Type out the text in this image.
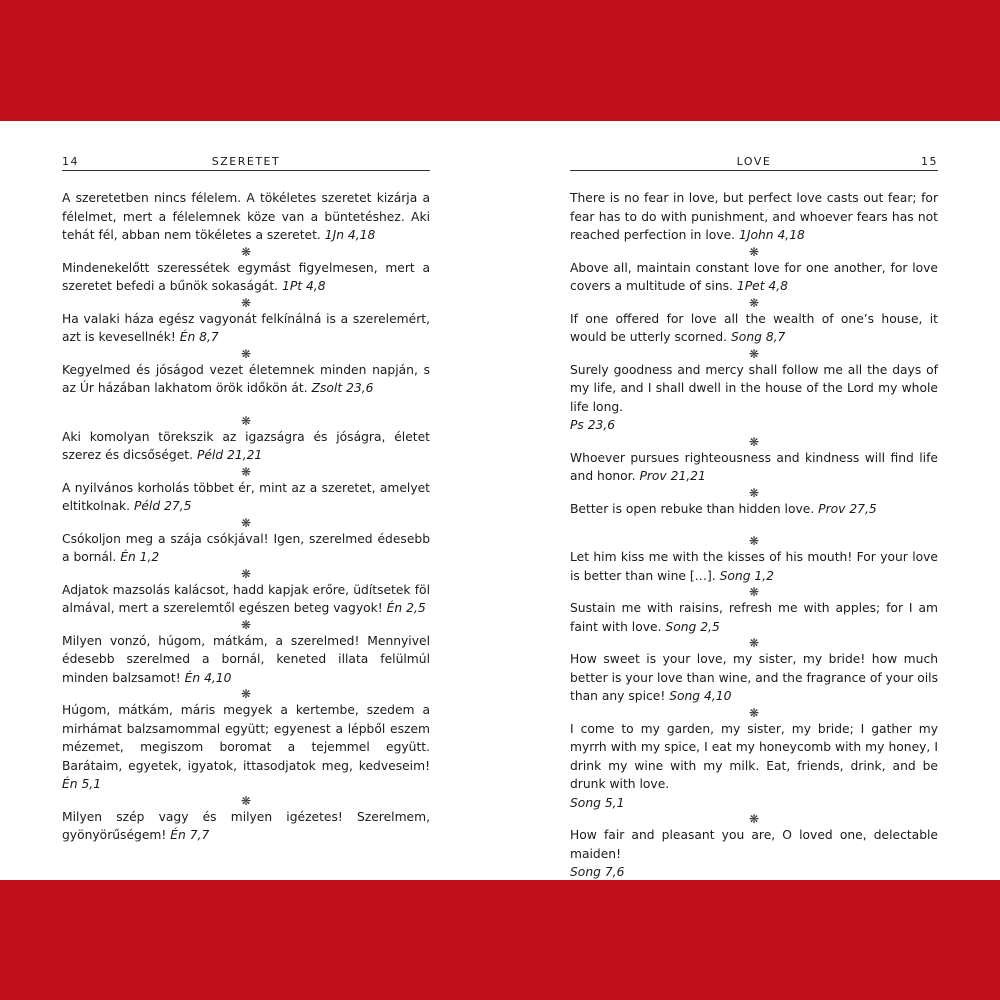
14	SZERETET

A szeretetben nincs félelem. A tökéletes szeretet kizárja a félelmet, mert a félelemnek köze van a büntetéshez. Aki tehát fél, abban nem tökéletes a szeretet. 1Jn 4,18

❋

Mindenekelőtt szeressétek egymást figyelmesen, mert a szeretet befedi a bűnök sokaságát. 1Pt 4,8

❋

Ha valaki háza egész vagyonát felkínálná is a szerelemért, azt is kevesellnék! Én 8,7

❋

Kegyelmed és jóságod vezet életemnek minden napján, s az Úr házában lakhatom örök időkön át. Zsolt 23,6

❋

Aki komolyan törekszik az igazságra és jóságra, életet szerez és dicsőséget. Péld 21,21

❋

A nyilvános korholás többet ér, mint az a szeretet, amelyet eltitkolnak. Péld 27,5

❋

Csókoljon meg a szája csókjával! Igen, szerelmed édesebb a bornál. Én 1,2

❋

Adjatok mazsolás kalácsot, hadd kapjak erőre, üdítsetek föl almával, mert a szerelemtől egészen beteg vagyok! Én 2,5

❋

Milyen vonzó, húgom, mátkám, a szerelmed! Mennyivel édesebb szerelmed a bornál, keneted illata felülmúl minden balzsamot! Én 4,10

❋

Húgom, mátkám, máris megyek a kertembe, szedem a mirhámat balzsamommal együtt; egyenest a lépből eszem mézemet, megiszom boromat a tejemmel együtt. Barátaim, egyetek, igyatok, ittasodjatok meg, kedveseim! Én 5,1

❋

Milyen szép vagy és milyen igézetes! Szerelmem, gyönyörűségem! Én 7,7

LOVE	15

There is no fear in love, but perfect love casts out fear; for fear has to do with punishment, and whoever fears has not reached perfection in love. 1John 4,18

❋

Above all, maintain constant love for one another, for love covers a multitude of sins. 1Pet 4,8

❋

If one offered for love all the wealth of one’s house, it would be utterly scorned. Song 8,7

❋

Surely goodness and mercy shall follow me all the days of my life, and I shall dwell in the house of the Lord my whole life long.
Ps 23,6

❋

Whoever pursues righteousness and kindness will find life and honor. Prov 21,21

❋

Better is open rebuke than hidden love. Prov 27,5

❋

Let him kiss me with the kisses of his mouth! For your love is better than wine […]. Song 1,2

❋

Sustain me with raisins, refresh me with apples; for I am faint with love. Song 2,5

❋

How sweet is your love, my sister, my bride! how much better is your love than wine, and the fragrance of your oils than any spice! Song 4,10

❋

I come to my garden, my sister, my bride; I gather my myrrh with my spice, I eat my honeycomb with my honey, I drink my wine with my milk. Eat, friends, drink, and be drunk with love.
Song 5,1

❋

How fair and pleasant you are, O loved one, delectable maiden!
Song 7,6
